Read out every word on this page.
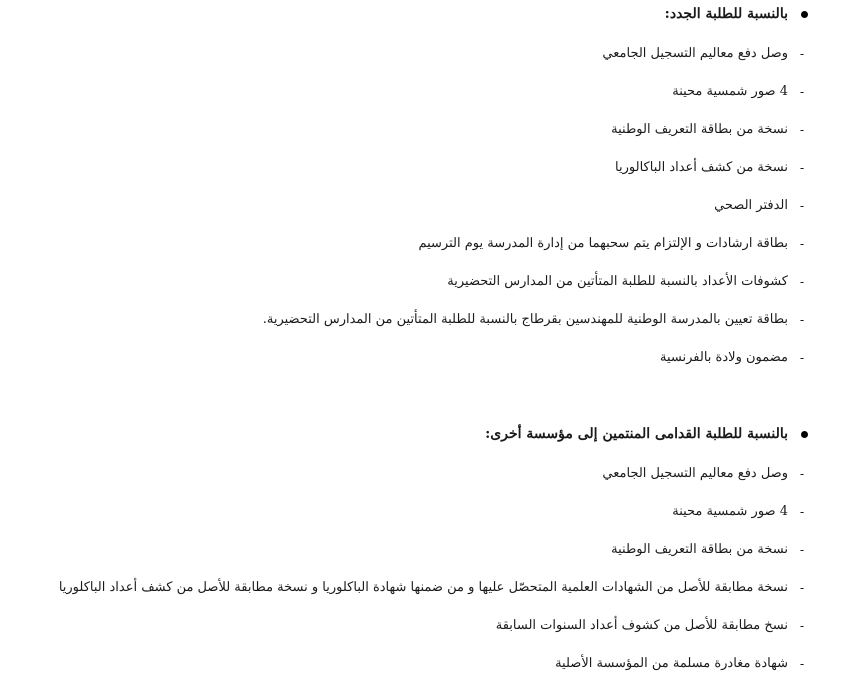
بالنسبة للطلبة الجدد:
-
وصل دفع معاليم التسجيل الجامعي
-
4 صور شمسية محينة
-
نسخة من بطاقة التعريف الوطنية
-
نسخة من كشف أعداد الباكالوريا
-
الدفتر الصحي
-
بطاقة ارشادات و الإلتزام يتم سحبهما من إدارة المدرسة يوم الترسيم
-
كشوفات الأعداد بالنسبة للطلبة المتأتين من المدارس التحضيرية
-
بطاقة تعيين بالمدرسة الوطنية للمهندسين بقرطاج بالنسبة للطلبة المتأتين من المدارس التحضيرية.
-
مضمون ولادة بالفرنسية
بالنسبة للطلبة القدامى المنتمين إلى مؤسسة أخرى:
-
وصل دفع معاليم التسجيل الجامعي
-
4 صور شمسية محينة
-
نسخة من بطاقة التعريف الوطنية
-
نسخة مطابقة للأصل من الشهادات العلمية المتحصّل عليها و من ضمنها شهادة الباكلوريا و نسخة مطابقة للأصل من كشف أعداد الباكلوريا
-
نسخ مطابقة للأصل من كشوف أعداد السنوات السابقة
-
شهادة مغادرة مسلمة من المؤسسة الأصلية
